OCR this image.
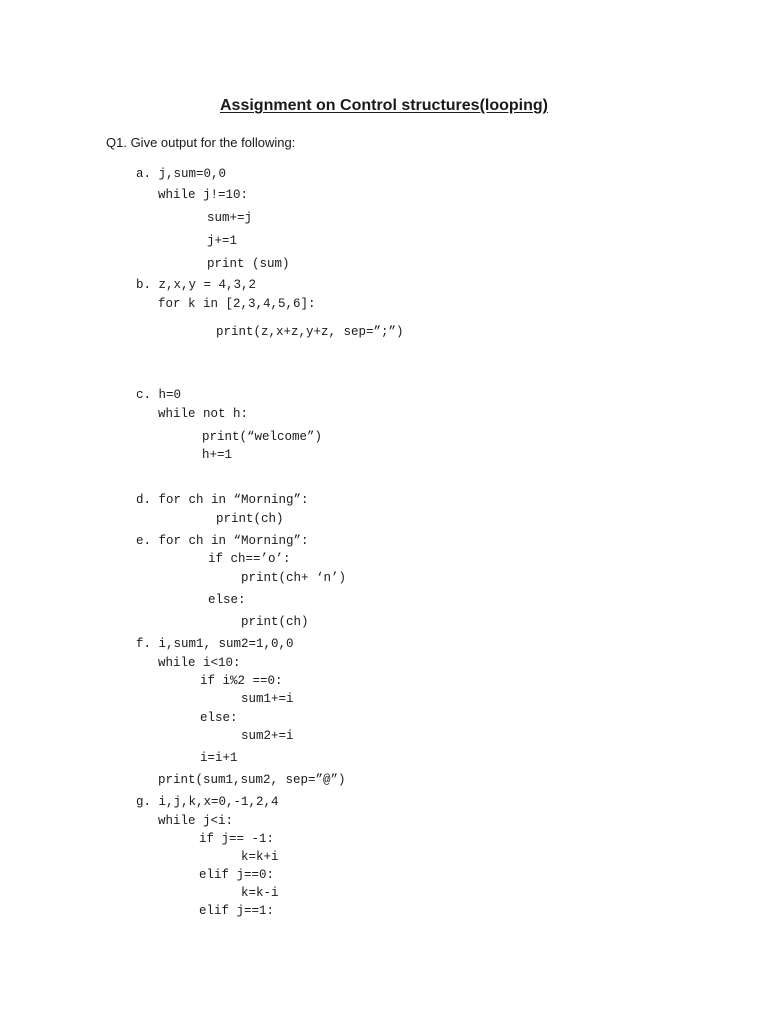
Assignment on Control structures(looping)

Q1. Give output for the following:

a. j,sum=0,0
while j!=10:
sum+=j
j+=1
print (sum)
b. z,x,y = 4,3,2
for k in [2,3,4,5,6]:
print(z,x+z,y+z, sep=”;”)
c. h=0
while not h:
print(“welcome”)
h+=1
d. for ch in “Morning”:
print(ch)
e. for ch in “Morning”:
if ch==’o’:
print(ch+ ‘n’)
else:
print(ch)
f. i,sum1, sum2=1,0,0
while i<10:
if i%2 ==0:
sum1+=i
else:
sum2+=i
i=i+1
print(sum1,sum2, sep=”@”)
g. i,j,k,x=0,-1,2,4
while j<i:
if j== -1:
k=k+i
elif j==0:
k=k-i
elif j==1:
